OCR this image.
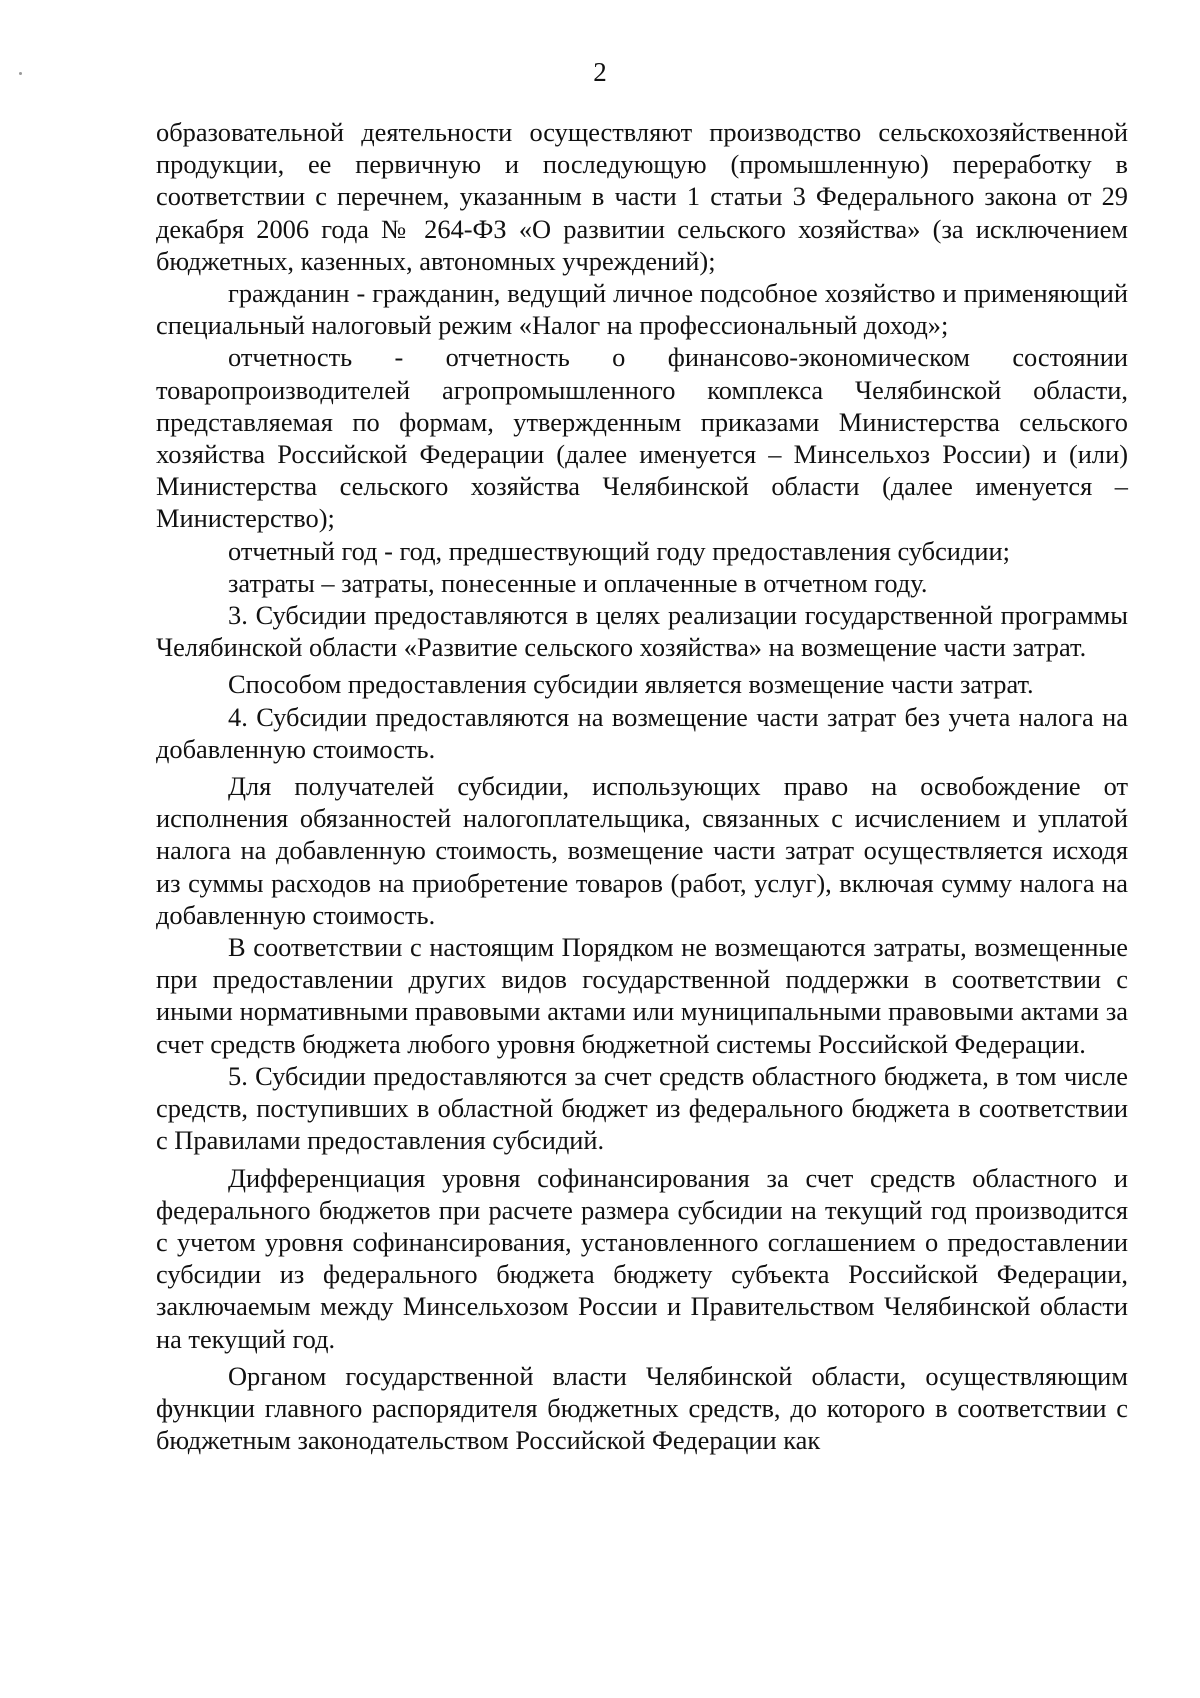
2

образовательной деятельности осуществляют производство сельскохозяйственной продукции, ее первичную и последующую (промышленную) переработку в соответствии с перечнем, указанным в части 1 статьи 3 Федерального закона от 29 декабря 2006 года № 264-ФЗ «О развитии сельского хозяйства» (за исключением бюджетных, казенных, автономных учреждений);

гражданин - гражданин, ведущий личное подсобное хозяйство и применяющий специальный налоговый режим «Налог на профессиональный доход»;

отчетность - отчетность о финансово-экономическом состоянии товаропроизводителей агропромышленного комплекса Челябинской области, представляемая по формам, утвержденным приказами Министерства сельского хозяйства Российской Федерации (далее именуется – Минсельхоз России) и (или) Министерства сельского хозяйства Челябинской области (далее именуется – Министерство);

отчетный год - год, предшествующий году предоставления субсидии;

затраты – затраты, понесенные и оплаченные в отчетном году.

3. Субсидии предоставляются в целях реализации государственной программы Челябинской области «Развитие сельского хозяйства» на возмещение части затрат.

Способом предоставления субсидии является возмещение части затрат.

4. Субсидии предоставляются на возмещение части затрат без учета налога на добавленную стоимость.

Для получателей субсидии, использующих право на освобождение от исполнения обязанностей налогоплательщика, связанных с исчислением и уплатой налога на добавленную стоимость, возмещение части затрат осуществляется исходя из суммы расходов на приобретение товаров (работ, услуг), включая сумму налога на добавленную стоимость.

В соответствии с настоящим Порядком не возмещаются затраты, возмещенные при предоставлении других видов государственной поддержки в соответствии с иными нормативными правовыми актами или муниципальными правовыми актами за счет средств бюджета любого уровня бюджетной системы Российской Федерации.

5. Субсидии предоставляются за счет средств областного бюджета, в том числе средств, поступивших в областной бюджет из федерального бюджета в соответствии с Правилами предоставления субсидий.

Дифференциация уровня софинансирования за счет средств областного и федерального бюджетов при расчете размера субсидии на текущий год производится с учетом уровня софинансирования, установленного соглашением о предоставлении субсидии из федерального бюджета бюджету субъекта Российской Федерации, заключаемым между Минсельхозом России и Правительством Челябинской области на текущий год.

Органом государственной власти Челябинской области, осуществляющим функции главного распорядителя бюджетных средств, до которого в соответствии с бюджетным законодательством Российской Федерации как
